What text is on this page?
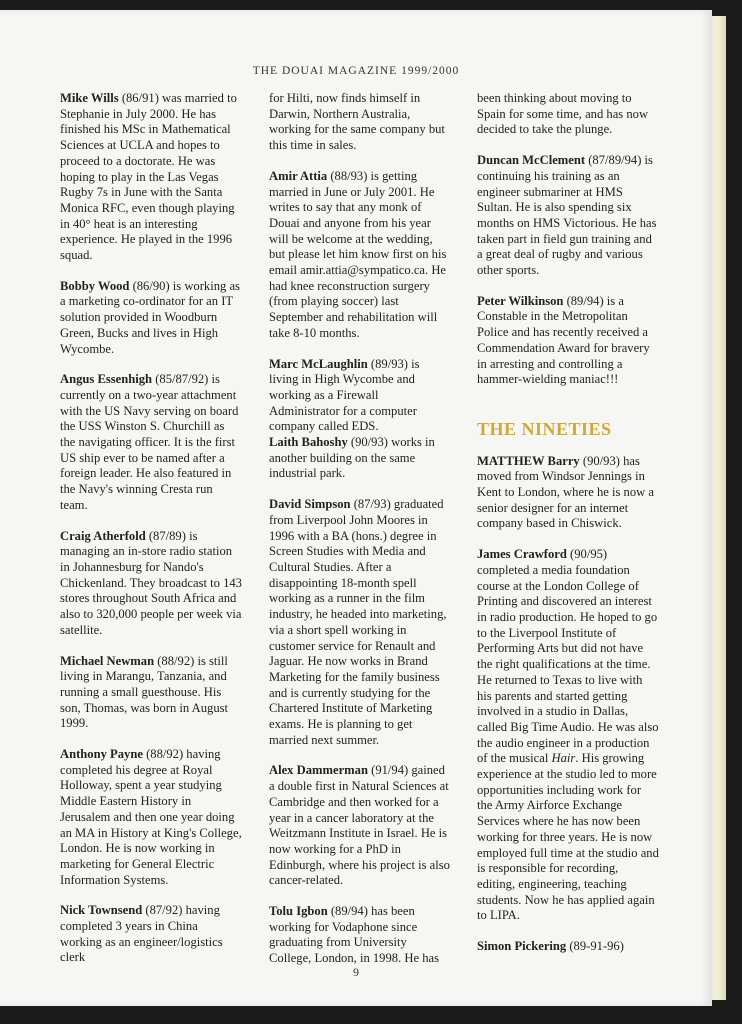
THE DOUAI MAGAZINE 1999/2000

Mike Wills (86/91) was married to Stephanie in July 2000. He has finished his MSc in Mathematical Sciences at UCLA and hopes to proceed to a doctorate. He was hoping to play in the Las Vegas Rugby 7s in June with the Santa Monica RFC, even though playing in 40° heat is an interesting experience. He played in the 1996 squad.

Bobby Wood (86/90) is working as a marketing co-ordinator for an IT solution provided in Woodburn Green, Bucks and lives in High Wycombe.

Angus Essenhigh (85/87/92) is currently on a two-year attachment with the US Navy serving on board the USS Winston S. Churchill as the navigating officer. It is the first US ship ever to be named after a foreign leader. He also featured in the Navy's winning Cresta run team.

Craig Atherfold (87/89) is managing an in-store radio station in Johannesburg for Nando's Chickenland. They broadcast to 143 stores throughout South Africa and also to 320,000 people per week via satellite.

Michael Newman (88/92) is still living in Marangu, Tanzania, and running a small guesthouse. His son, Thomas, was born in August 1999.

Anthony Payne (88/92) having completed his degree at Royal Holloway, spent a year studying Middle Eastern History in Jerusalem and then one year doing an MA in History at King's College, London. He is now working in marketing for General Electric Information Systems.

Nick Townsend (87/92) having completed 3 years in China working as an engineer/logistics clerk

for Hilti, now finds himself in Darwin, Northern Australia, working for the same company but this time in sales.

Amir Attia (88/93) is getting married in June or July 2001. He writes to say that any monk of Douai and anyone from his year will be welcome at the wedding, but please let him know first on his email amir.attia@sympatico.ca. He had knee reconstruction surgery (from playing soccer) last September and rehabilitation will take 8-10 months.

Marc McLaughlin (89/93) is living in High Wycombe and working as a Firewall Administrator for a computer company called EDS.

Laith Bahoshy (90/93) works in another building on the same industrial park.

David Simpson (87/93) graduated from Liverpool John Moores in 1996 with a BA (hons.) degree in Screen Studies with Media and Cultural Studies. After a disappointing 18-month spell working as a runner in the film industry, he headed into marketing, via a short spell working in customer service for Renault and Jaguar. He now works in Brand Marketing for the family business and is currently studying for the Chartered Institute of Marketing exams. He is planning to get married next summer.

Alex Dammerman (91/94) gained a double first in Natural Sciences at Cambridge and then worked for a year in a cancer laboratory at the Weitzmann Institute in Israel. He is now working for a PhD in Edinburgh, where his project is also cancer-related.

Tolu Igbon (89/94) has been working for Vodaphone since graduating from University College, London, in 1998. He has

been thinking about moving to Spain for some time, and has now decided to take the plunge.

Duncan McClement (87/89/94) is continuing his training as an engineer submariner at HMS Sultan. He is also spending six months on HMS Victorious. He has taken part in field gun training and a great deal of rugby and various other sports.

Peter Wilkinson (89/94) is a Constable in the Metropolitan Police and has recently received a Commendation Award for bravery in arresting and controlling a hammer-wielding maniac!!!

THE NINETIES

MATTHEW Barry (90/93) has moved from Windsor Jennings in Kent to London, where he is now a senior designer for an internet company based in Chiswick.

James Crawford (90/95) completed a media foundation course at the London College of Printing and discovered an interest in radio production. He hoped to go to the Liverpool Institute of Performing Arts but did not have the right qualifications at the time. He returned to Texas to live with his parents and started getting involved in a studio in Dallas, called Big Time Audio. He was also the audio engineer in a production of the musical Hair. His growing experience at the studio led to more opportunities including work for the Army Airforce Exchange Services where he has now been working for three years. He is now employed full time at the studio and is responsible for recording, editing, engineering, teaching students. Now he has applied again to LIPA.

Simon Pickering (89-91-96)

9
